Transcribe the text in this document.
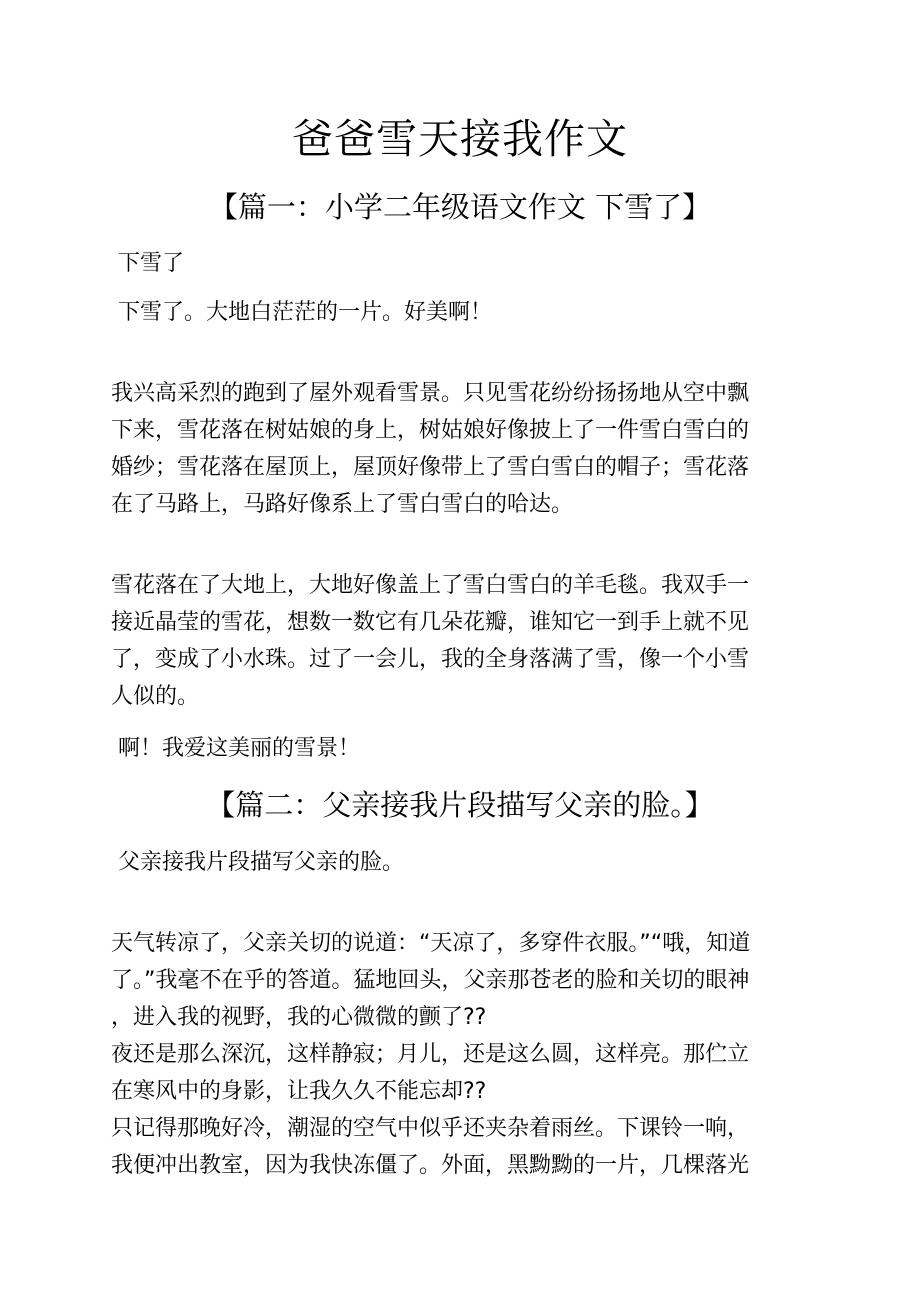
爸爸雪天接我作文
【篇一：小学二年级语文作文 下雪了】

下雪了

下雪了。大地白茫茫的一片。好美啊！

我兴高采烈的跑到了屋外观看雪景。只见雪花纷纷扬扬地从空中飘

下来，雪花落在树姑娘的身上，树姑娘好像披上了一件雪白雪白的

婚纱；雪花落在屋顶上，屋顶好像带上了雪白雪白的帽子；雪花落

在了马路上，马路好像系上了雪白雪白的哈达。

雪花落在了大地上，大地好像盖上了雪白雪白的羊毛毯。我双手一

接近晶莹的雪花，想数一数它有几朵花瓣，谁知它一到手上就不见

了，变成了小水珠。过了一会儿，我的全身落满了雪，像一个小雪

人似的。

啊！我爱这美丽的雪景！

【篇二：父亲接我片段描写父亲的脸。】

父亲接我片段描写父亲的脸。

天气转凉了，父亲关切的说道：“天凉了，多穿件衣服。”“哦，知道

了。”我毫不在乎的答道。猛地回头，父亲那苍老的脸和关切的眼神

，进入我的视野，我的心微微的颤了??

夜还是那么深沉，这样静寂；月儿，还是这么圆，这样亮。那伫立

在寒风中的身影，让我久久不能忘却??

只记得那晚好冷，潮湿的空气中似乎还夹杂着雨丝。下课铃一响，

我便冲出教室，因为我快冻僵了。外面，黑黝黝的一片，几棵落光
